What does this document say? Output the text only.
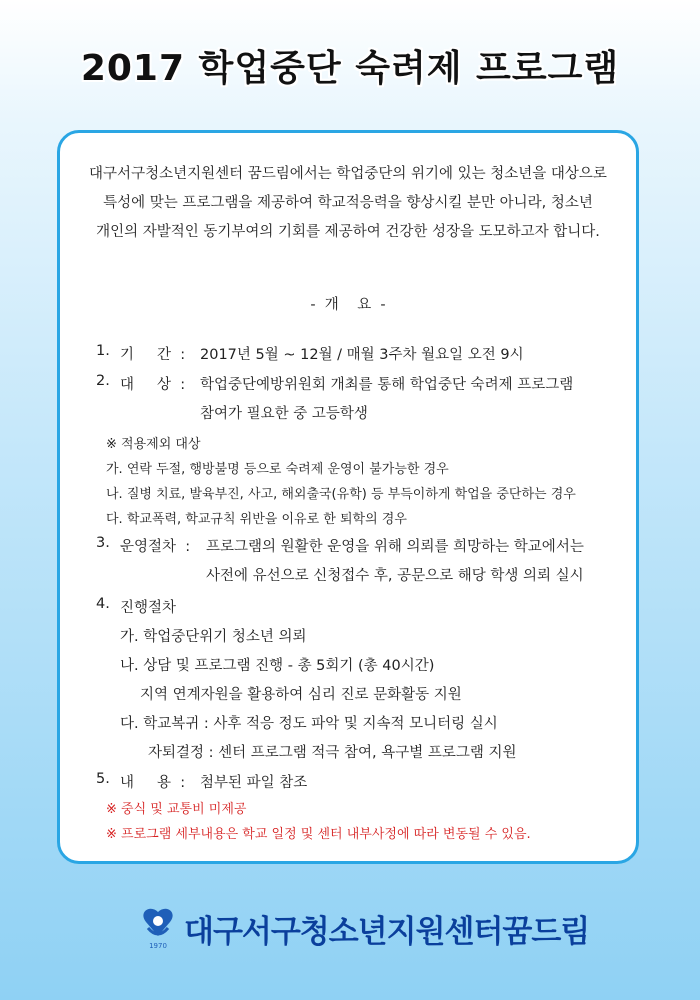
2017 학업중단 숙려제 프로그램
대구서구청소년지원센터 꿈드림에서는 학업중단의 위기에 있는 청소년을 대상으로
특성에 맞는 프로그램을 제공하여 학교적응력을 향상시킬 분만 아니라, 청소년
개인의 자발적인 동기부여의 기회를 제공하여 건강한 성장을 도모하고자 합니다.
-  개    요  -
1. 기     간  : 2017년 5월 ~ 12월 / 매월 3주차 월요일 오전 9시
2. 대     상  : 학업중단예방위원회 개최를 통해 학업중단 숙려제 프로그램
참여가 필요한 중 고등학생
※ 적용제외 대상
가. 연락 두절, 행방불명 등으로 숙려제 운영이 불가능한 경우
나. 질병 치료, 발육부진, 사고, 해외출국(유학) 등 부득이하게 학업을 중단하는 경우
다. 학교폭력, 학교규칙 위반을 이유로 한 퇴학의 경우
3. 운영절차  : 프로그램의 원활한 운영을 위해 의뢰를 희망하는 학교에서는
사전에 유선으로 신청접수 후, 공문으로 해당 학생 의뢰 실시
4. 진행절차
가. 학업중단위기 청소년 의뢰
나. 상담 및 프로그램 진행 - 총 5회기 (총 40시간)
지역 연계자원을 활용하여 심리 진로 문화활동 지원
다. 학교복귀 : 사후 적응 정도 파악 및 지속적 모니터링 실시
자퇴결정 : 센터 프로그램 적극 참여, 욕구별 프로그램 지원
5. 내     용  : 첨부된 파일 참조
※ 중식 및 교통비 미제공
※ 프로그램 세부내용은 학교 일정 및 센터 내부사정에 따라 변동될 수 있음.
1970 대구서구청소년지원센터꿈드림
